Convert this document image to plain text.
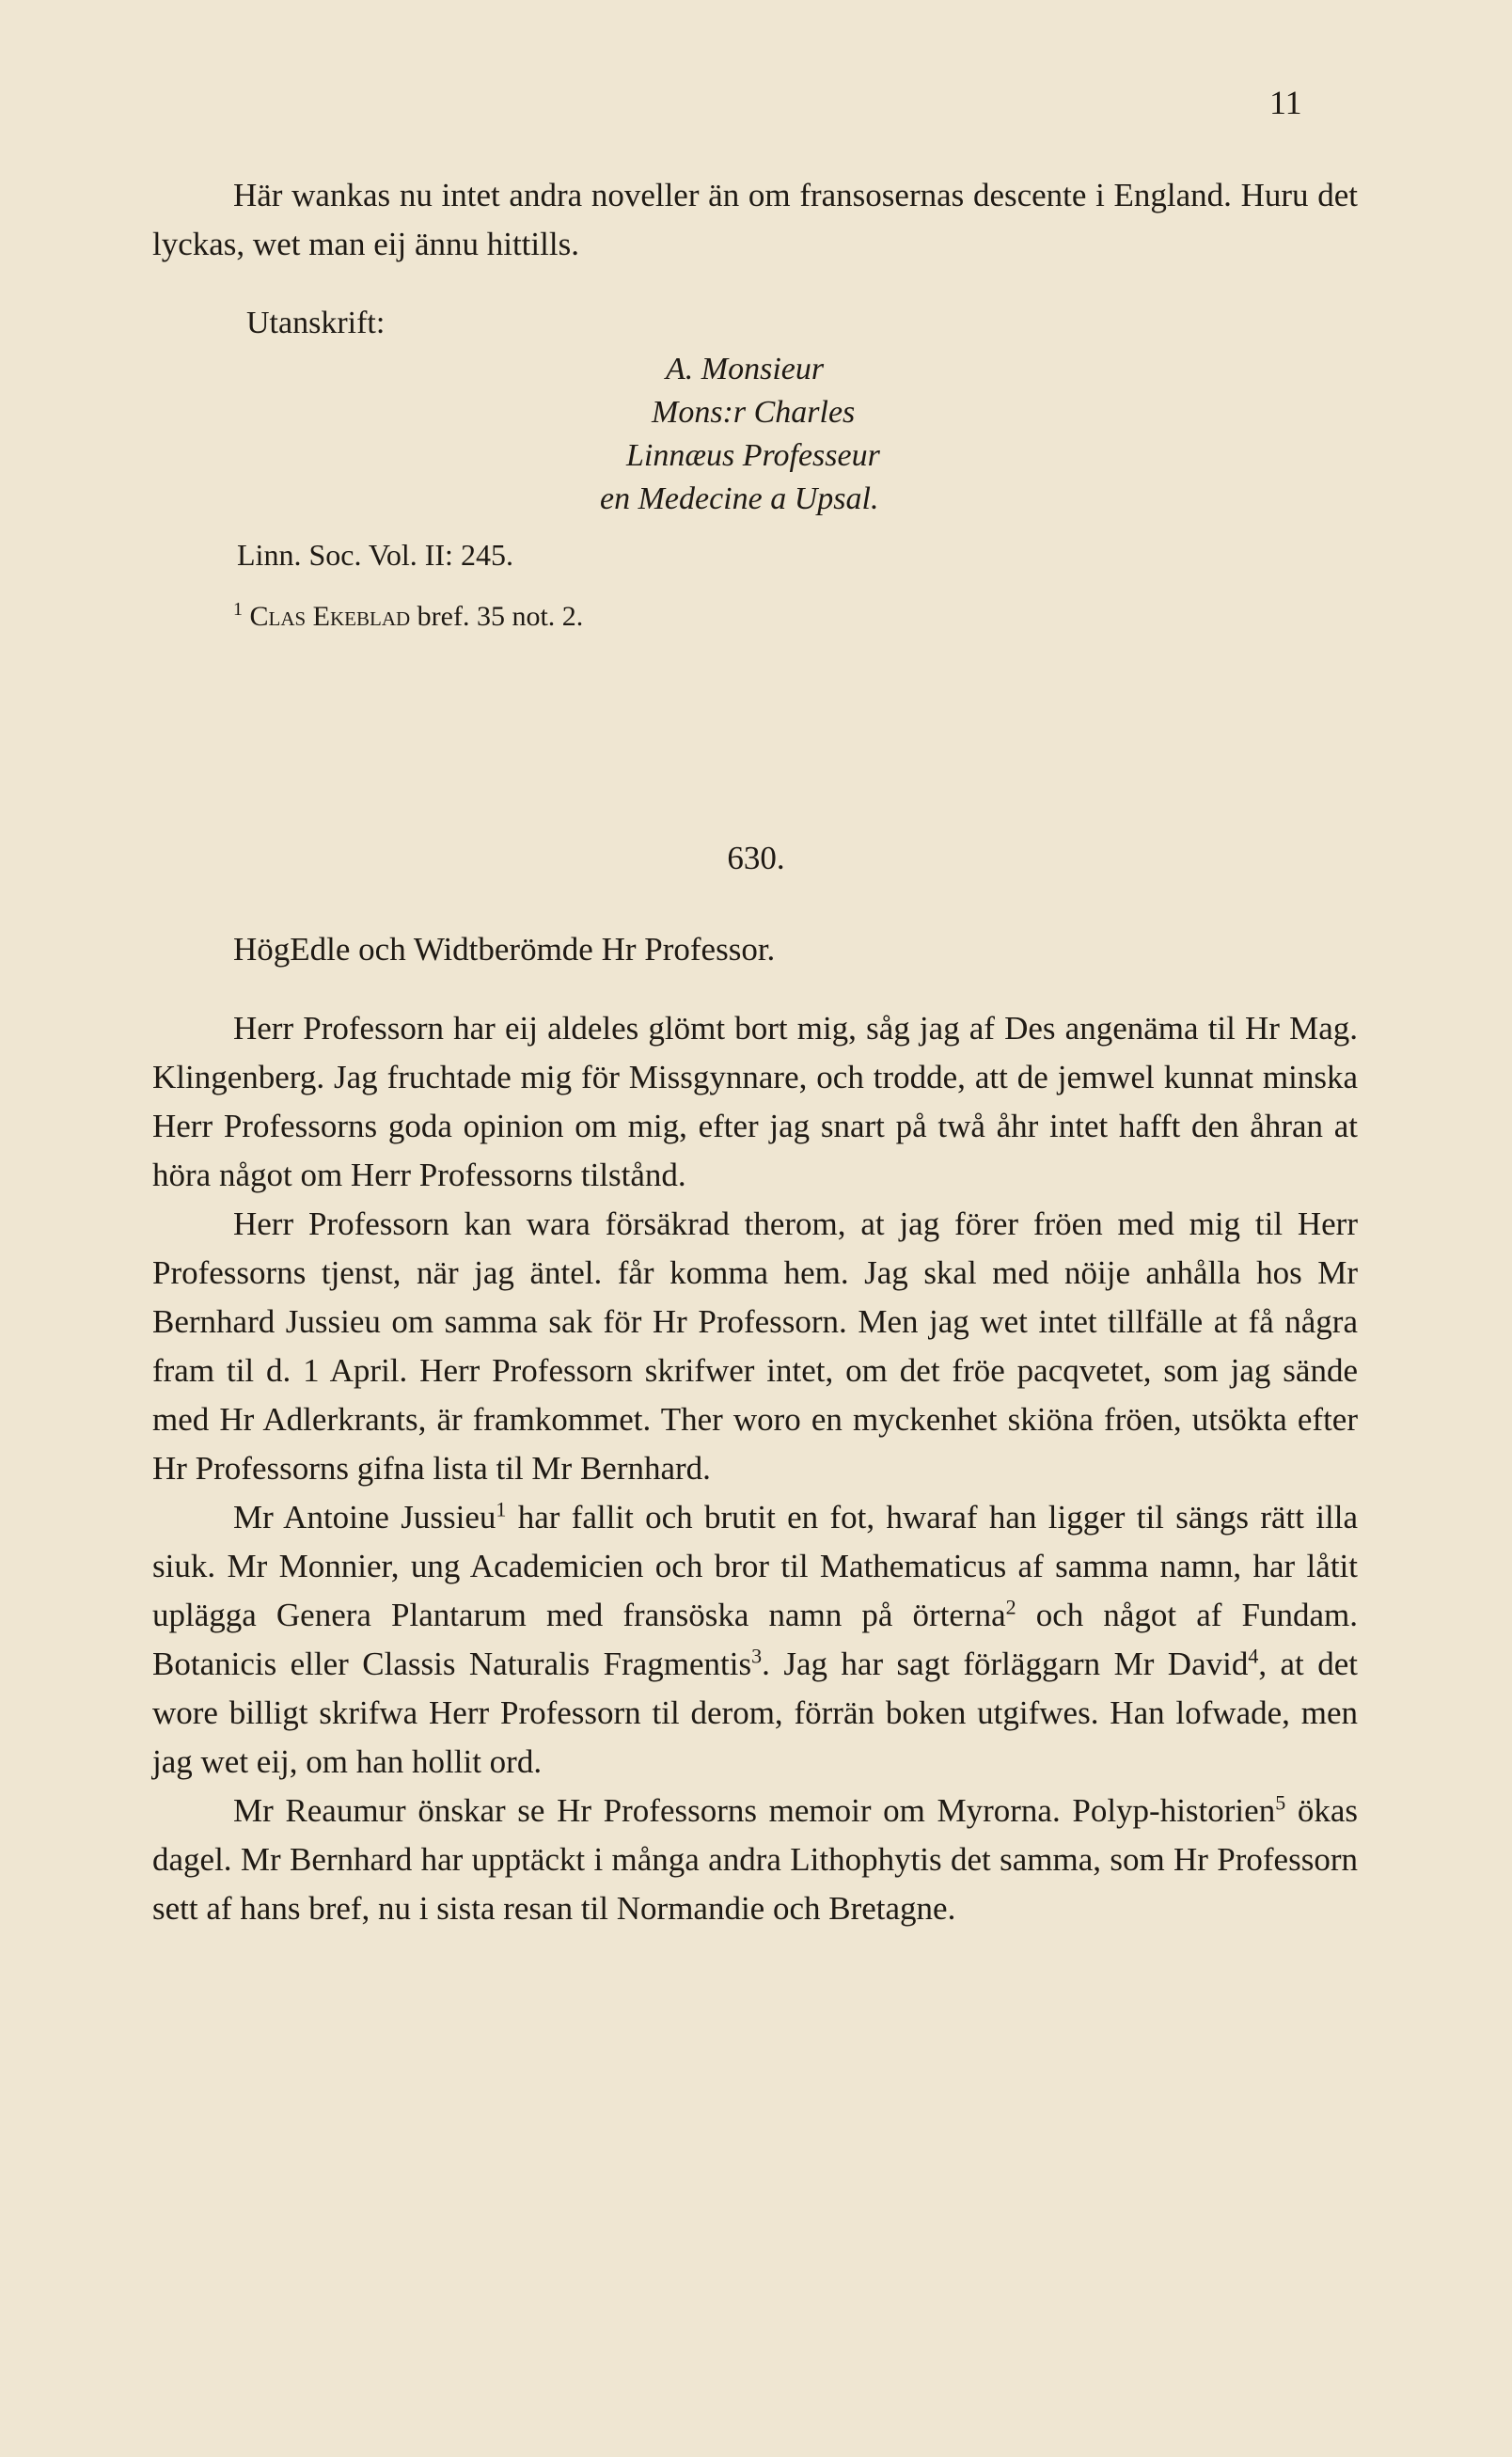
11

Här wankas nu intet andra noveller än om fransosernas descente i England. Huru det lyckas, wet man eij ännu hittills.

Utanskrift:
A. Monsieur
Mons:r Charles
Linnæus Professeur
en Medecine a Upsal.
Linn. Soc. Vol. II: 245.
$^1$ Clas Ekeblad bref. 35 not. 2.
630.
HögEdle och Widtberömde Hr Professor.

Herr Professorn har eij aldeles glömt bort mig, såg jag af Des angenäma til Hr Mag. Klingenberg. Jag fruchtade mig för Missgynnare, och trodde, att de jemwel kunnat minska Herr Professorns goda opinion om mig, efter jag snart på twå åhr intet hafft den åhran at höra något om Herr Professorns tilstånd.

Herr Professorn kan wara försäkrad therom, at jag förer fröen med mig til Herr Professorns tjenst, när jag äntel. får komma hem. Jag skal med nöije anhålla hos Mr Bernhard Jussieu om samma sak för Hr Professorn. Men jag wet intet tillfälle at få några fram til d. 1 April. Herr Professorn skrifwer intet, om det fröe pacqvetet, som jag sände med Hr Adlerkrants, är framkommet. Ther woro en myckenhet skiöna fröen, utsökta efter Hr Professorns gifna lista til Mr Bernhard.

Mr Antoine Jussieu$^1$ har fallit och brutit en fot, hwaraf han ligger til sängs rätt illa siuk. Mr Monnier, ung Academicien och bror til Mathematicus af samma namn, har låtit uplägga Genera Plantarum med fransöska namn på örterna$^2$ och något af Fundam. Botanicis eller Classis Naturalis Fragmentis$^3$. Jag har sagt förläggarn Mr David$^4$, at det wore billigt skrifwa Herr Professorn til derom, förrän boken utgifwes. Han lofwade, men jag wet eij, om han hollit ord.

Mr Reaumur önskar se Hr Professorns memoir om Myrorna. Polyp-historien$^5$ ökas dagel. Mr Bernhard har upptäckt i många andra Lithophytis det samma, som Hr Professorn sett af hans bref, nu i sista resan til Normandie och Bretagne.
